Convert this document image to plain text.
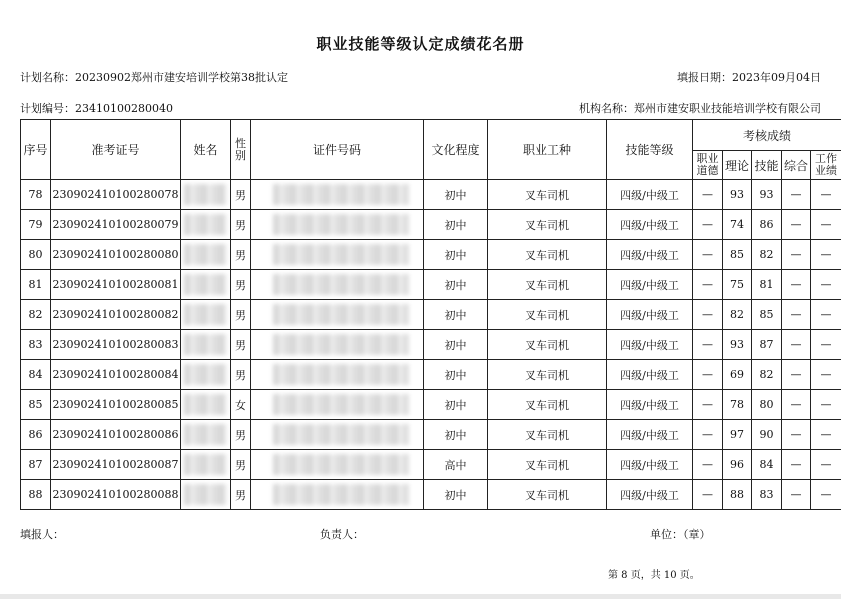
职业技能等级认定成绩花名册
计划名称：20230902郑州市建安培训学校第38批认定	填报日期：2023年09月04日
计划编号：23410100280040	机构名称：郑州市建安职业技能培训学校有限公司
序号	准考证号	姓名	性别	证件号码	文化程度	职业工种	技能等级	考核成绩				
								职业道德	理论	技能	综合	工作业绩
78	230902410100280078		男		初中	叉车司机	四级/中级工	—	93	93	—	—
79	230902410100280079		男		初中	叉车司机	四级/中级工	—	74	86	—	—
80	230902410100280080		男		初中	叉车司机	四级/中级工	—	85	82	—	—
81	230902410100280081		男		初中	叉车司机	四级/中级工	—	75	81	—	—
82	230902410100280082		男		初中	叉车司机	四级/中级工	—	82	85	—	—
83	230902410100280083		男		初中	叉车司机	四级/中级工	—	93	87	—	—
84	230902410100280084		男		初中	叉车司机	四级/中级工	—	69	82	—	—
85	230902410100280085		女		初中	叉车司机	四级/中级工	—	78	80	—	—
86	230902410100280086		男		初中	叉车司机	四级/中级工	—	97	90	—	—
87	230902410100280087		男		高中	叉车司机	四级/中级工	—	96	84	—	—
88	230902410100280088		男		初中	叉车司机	四级/中级工	—	88	83	—	—
填报人：	负责人：	单位：（章）
第 8 页，共 10 页。
